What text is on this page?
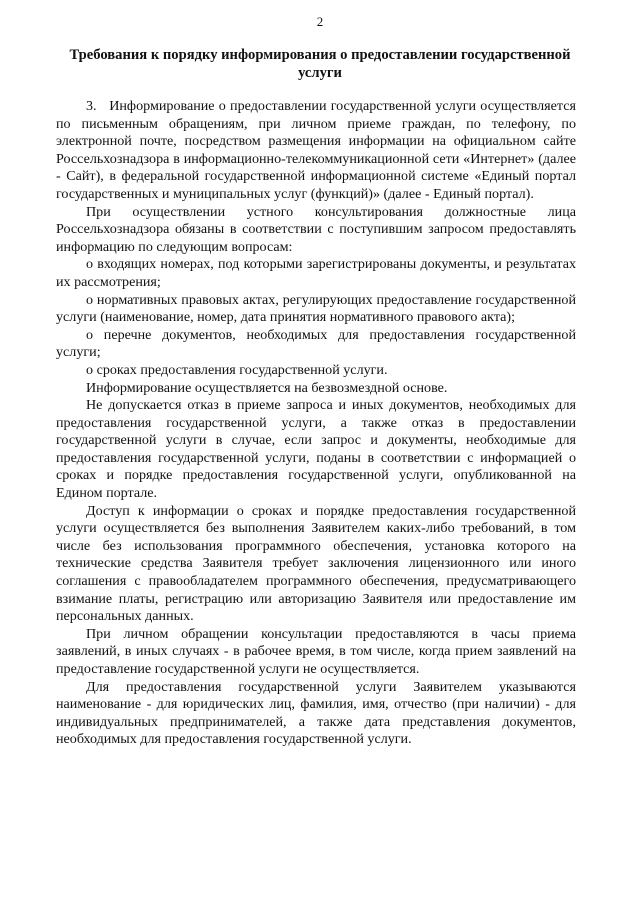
2
Требования к порядку информирования о предоставлении государственной услуги

3.   Информирование о предоставлении государственной услуги осуществляется по письменным обращениям, при личном приеме граждан, по телефону, по электронной почте, посредством размещения информации на официальном сайте Россельхознадзора в информационно-телекоммуникационной сети «Интернет» (далее - Сайт), в федеральной государственной информационной системе «Единый портал государственных и муниципальных услуг (функций)» (далее - Единый портал).

При осуществлении устного консультирования должностные лица Россельхознадзора обязаны в соответствии с поступившим запросом предоставлять информацию по следующим вопросам:

о входящих номерах, под которыми зарегистрированы документы, и результатах их рассмотрения;

о нормативных правовых актах, регулирующих предоставление государственной услуги (наименование, номер, дата принятия нормативного правового акта);

о перечне документов, необходимых для предоставления государственной услуги;

о сроках предоставления государственной услуги.

Информирование осуществляется на безвозмездной основе.

Не допускается отказ в приеме запроса и иных документов, необходимых для предоставления государственной услуги, а также отказ в предоставлении государственной услуги в случае, если запрос и документы, необходимые для предоставления государственной услуги, поданы в соответствии с информацией о сроках и порядке предоставления государственной услуги, опубликованной на Едином портале.

Доступ к информации о сроках и порядке предоставления государственной услуги осуществляется без выполнения Заявителем каких-либо требований, в том числе без использования программного обеспечения, установка которого на технические средства Заявителя требует заключения лицензионного или иного соглашения с правообладателем программного обеспечения, предусматривающего взимание платы, регистрацию или авторизацию Заявителя или предоставление им персональных данных.

При личном обращении консультации предоставляются в часы приема заявлений, в иных случаях - в рабочее время, в том числе, когда прием заявлений на предоставление государственной услуги не осуществляется.

Для предоставления государственной услуги Заявителем указываются наименование - для юридических лиц, фамилия, имя, отчество (при наличии) - для индивидуальных предпринимателей, а также дата представления документов, необходимых для предоставления государственной услуги.
